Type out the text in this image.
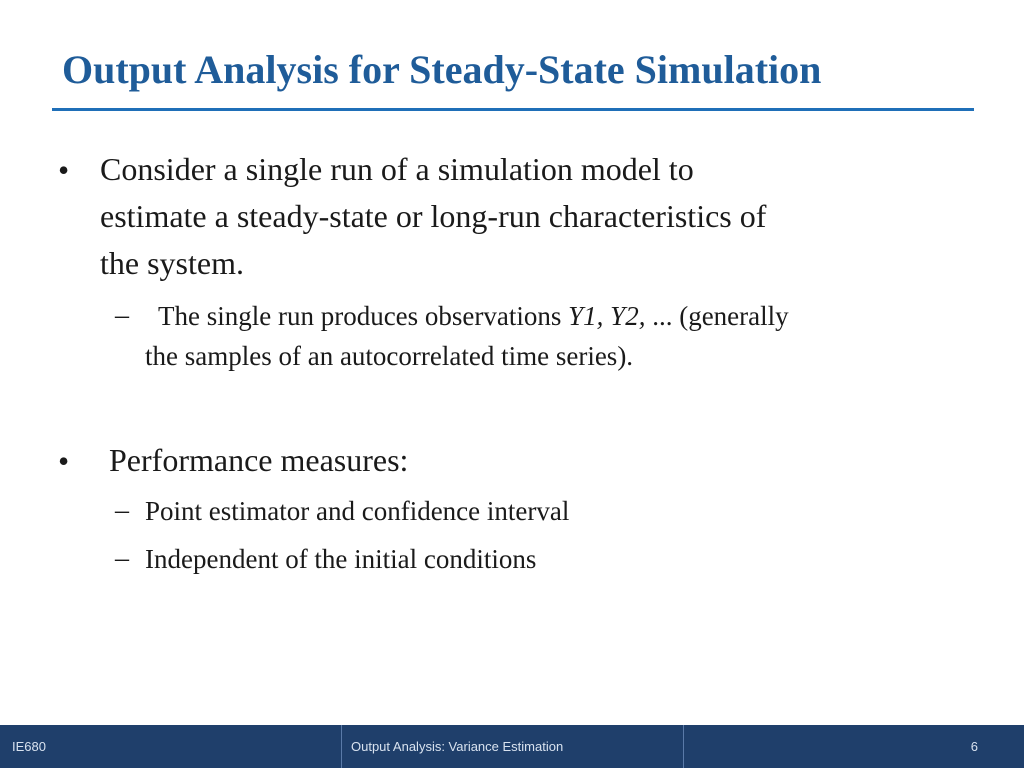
Output Analysis for Steady-State Simulation
• Consider a single run of a simulation model to
estimate a steady-state or long-run characteristics of
the system.
– The single run produces observations Y1, Y2, ... (generally
the samples of an autocorrelated time series).
• Performance measures:
– Point estimator and confidence interval
– Independent of the initial conditions
IE680	Output Analysis: Variance Estimation	6
